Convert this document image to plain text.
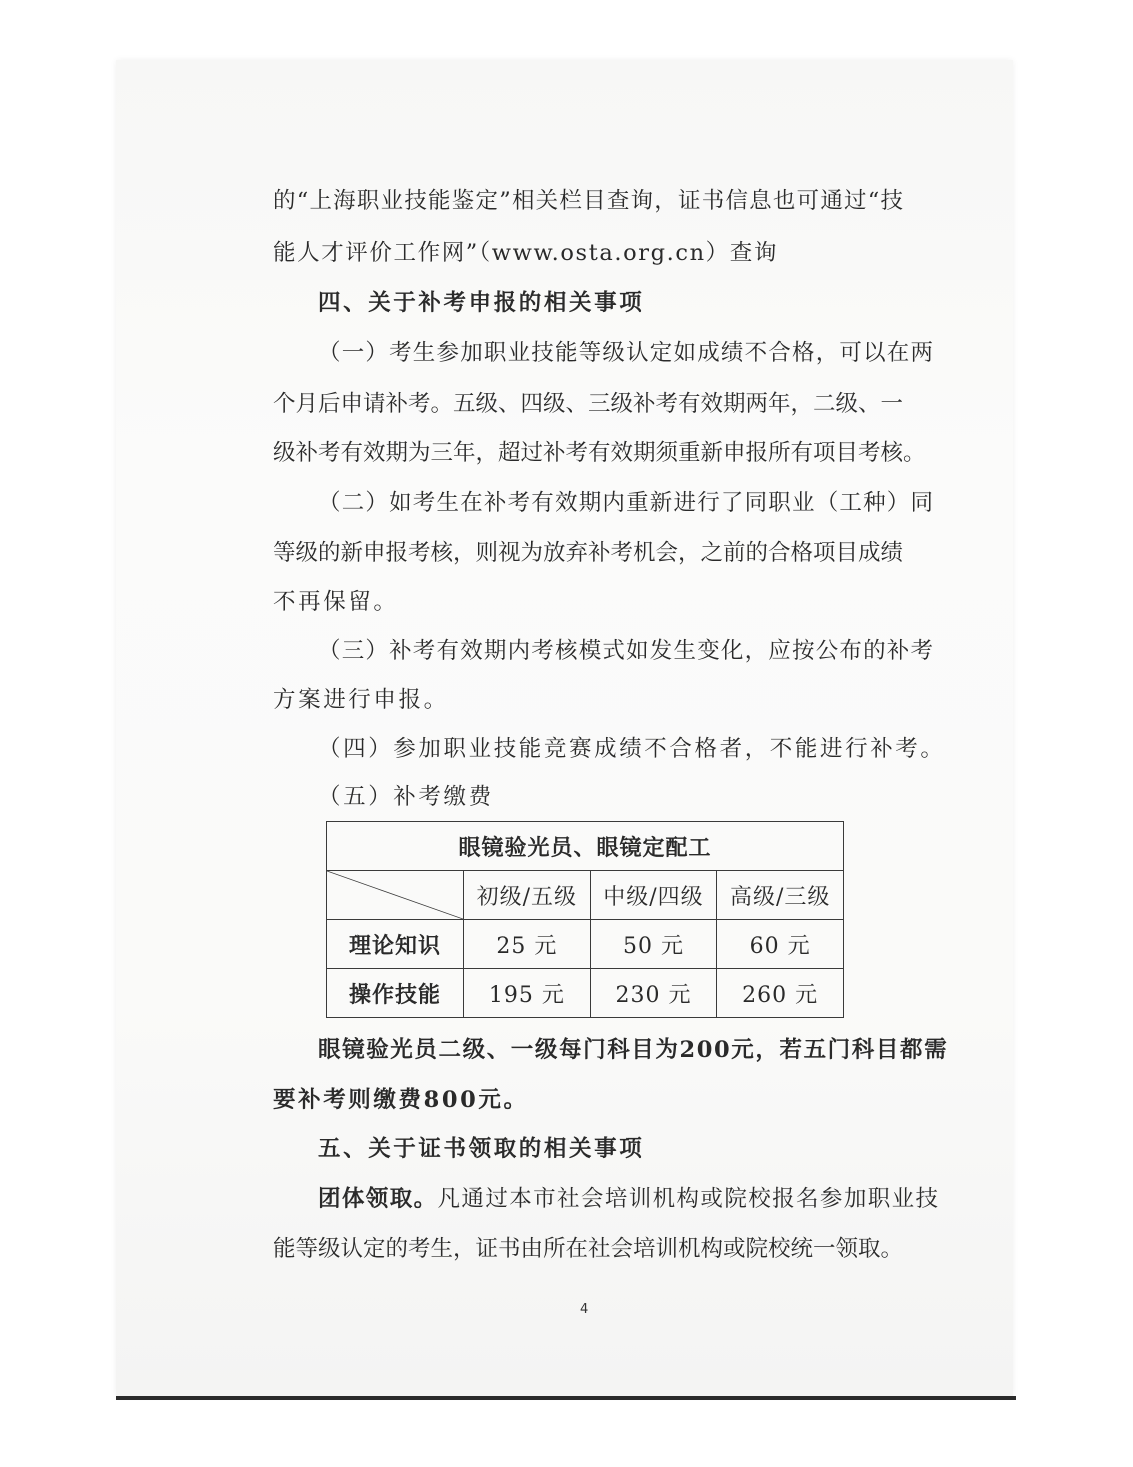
的“上海职业技能鉴定”相关栏目查询，证书信息也可通过“技
能人才评价工作网”（www.osta.org.cn）查询
四、关于补考申报的相关事项
（一）考生参加职业技能等级认定如成绩不合格，可以在两
个月后申请补考。五级、四级、三级补考有效期两年，二级、一
级补考有效期为三年，超过补考有效期须重新申报所有项目考核。
（二）如考生在补考有效期内重新进行了同职业（工种）同
等级的新申报考核，则视为放弃补考机会，之前的合格项目成绩
不再保留。
（三）补考有效期内考核模式如发生变化，应按公布的补考
方案进行申报。
（四）参加职业技能竞赛成绩不合格者，不能进行补考。
（五）补考缴费
眼镜验光员、眼镜定配工			

	初级/五级	中级/四级	高级/三级
理论知识	25 元	50 元	60 元
操作技能	195 元	230 元	260 元
眼镜验光员二级、一级每门科目为200元，若五门科目都需
要补考则缴费800元。
五、关于证书领取的相关事项
团体领取。凡通过本市社会培训机构或院校报名参加职业技
能等级认定的考生，证书由所在社会培训机构或院校统一领取。
4
